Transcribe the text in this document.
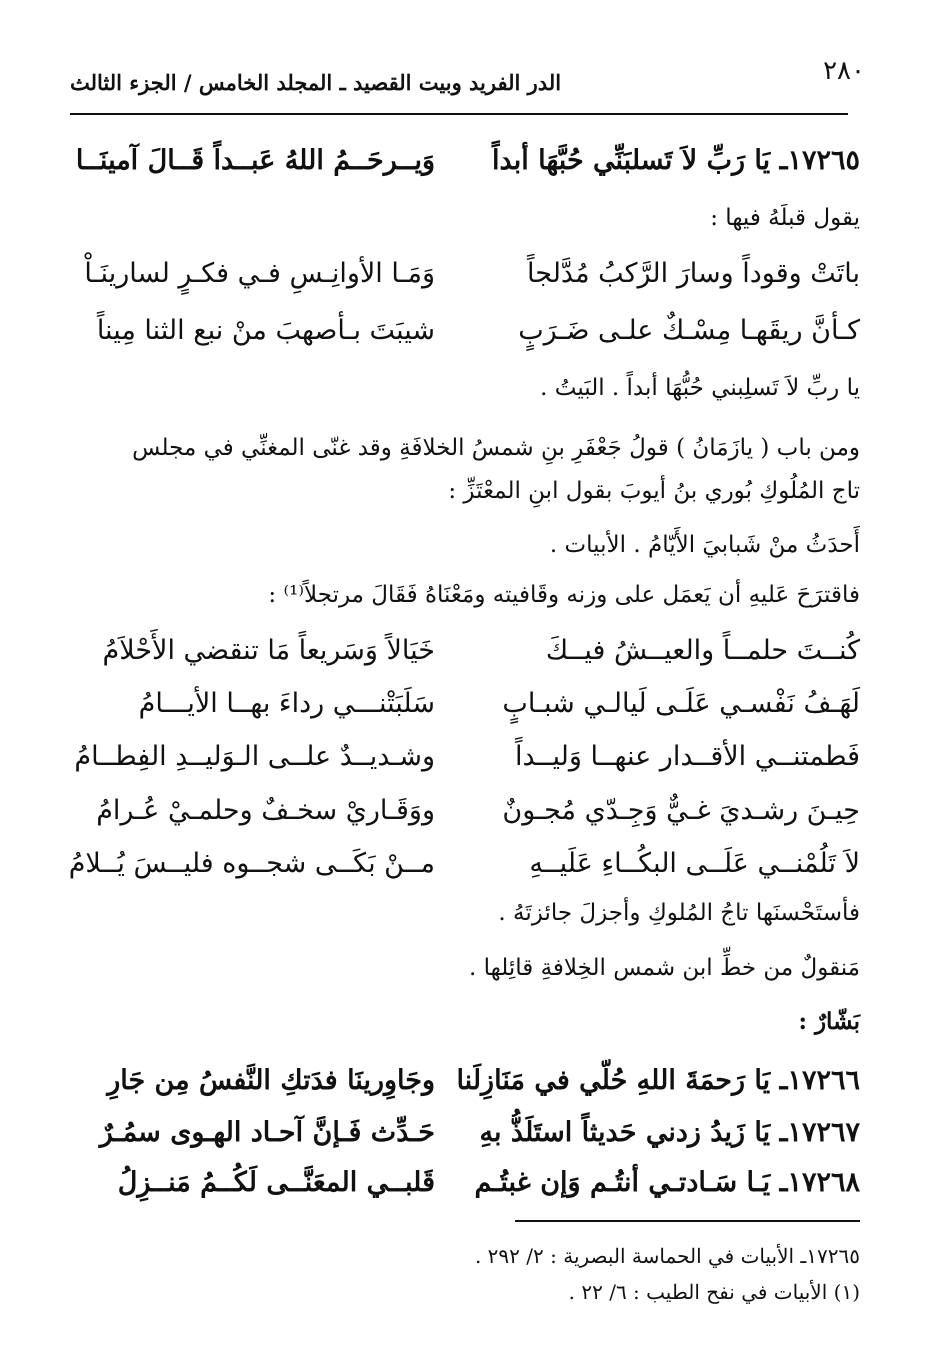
٢٨٠
الدر الفريد وبيت القصيد ـ المجلد الخامس / الجزء الثالث
١٧٢٦٥ـ يَا رَبِّ لاَ تَسلبَنِّي حُبَّهَا أبداً
وَيــرحَــمُ اللهُ عَبــداً قَــالَ آمينَــا
يقول قبلَهُ فيها :
باتَتْ وقوداً وسارَ الرَّكبُ مُدَّلجاً
وَمَـا الأوانِـسِ فـي فكـرٍ لسارينَـاْ
كـأنَّ ريقَهـا مِسْـكٌ علـى ضَـرَبٍ
شيبَتَ بـأصهبَ منْ نبع الثنا مِيناً
يا ربِّ لاَ تَسلِبني حُبُّهَا أبداً . البَيتُ .
ومن باب ( يازَمَانُ ) قولُ جَعْفَرِ بنِ شمسُ الخلافَةِ وقد غنّى المغنِّي في مجلس
تاج المُلُوكِ بُوري بنُ أيوبَ بقول ابنِ المعْتَزِّ :
أَحدَثُ منْ شَبابيَ الأَيّامُ . الأبيات .
فاقترَحَ عَليهِ أن يَعمَل على وزنه وقَافيته ومَعْنَاهُ فَقَالَ مرتجلاً⁽¹⁾ :
كُنــتَ حلمــاً والعيــشُ فيــكَ
خَيَالاً وَسَريعاً مَا تنقضي الأَحْلاَمُ
لَهَـفُ نَفْسـي عَلَـى لَيالـي شبـابٍ
سَلَبَتْنـــي رداءَ بهــا الأيـــامُ
فَطمتنــي الأقــدار عنهــا وَليــداً
وشـديــدٌ علــى الـوَليــدِ الفِطــامُ
حِيـنَ رشـديَ غـيٌّ وَجِـدّي مُجـونٌ
ووَقَـاريْ سخـفٌ وحلمـيْ عُـرامُ
لاَ تَلُمْنــي عَلَــى البكُــاءِ عَلَيــهِ
مــنْ بَكَــى شجــوه فليــسَ يُــلامُ
فأستَحْسنَها تاجُ المُلوكِ وأجزلَ جائزتَهُ .
مَنقولٌ من خطِّ ابن شمس الخِلافةِ قائِلها .
بَشّارٌ :
١٧٢٦٦ـ يَا رَحمَةَ اللهِ حُلّي في مَنَازِلَنا
وجَاوِرينَا فدَتكِ النَّفسُ مِن جَارِ
١٧٢٦٧ـ يَا زَيدُ زدني حَديثاً استَلَذُّ بهِ
حَـدِّث فَـإنَّ آحـاد الهـوى سمُـرٌ
١٧٢٦٨ـ يَـا سَـادتـي أنتُـم وَإن غبتُـم
قَلبــي المعَنَّــى لَكُــمُ مَنــزِلُ
١٧٢٦٥ـ الأبيات في الحماسة البصرية : ٢/ ٢٩٢ .
(١) الأبيات في نفح الطيب : ٦/ ٢٢ .
